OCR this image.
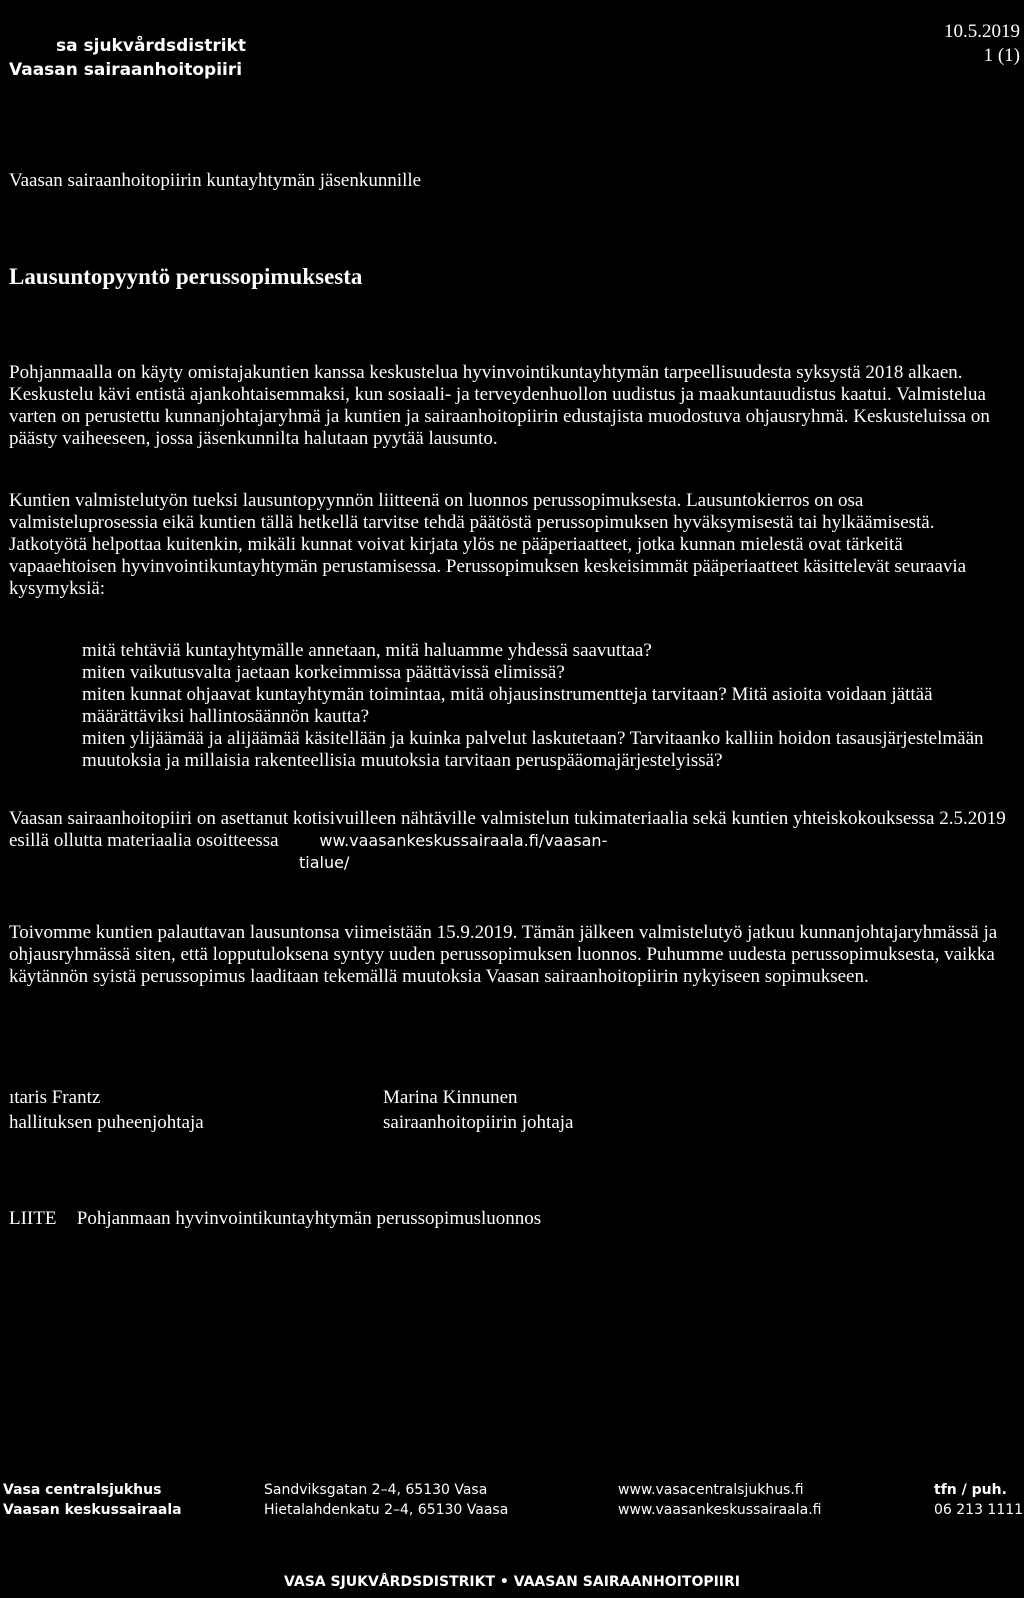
sa sjukvårdsdistrikt
Vaasan sairaanhoitopiiri
10.5.2019
1 (1)
Vaasan sairaanhoitopiirin kuntayhtymän jäsenkunnille
Lausuntopyyntö perussopimuksesta

Pohjanmaalla on käyty omistajakuntien kanssa keskustelua hyvinvointikuntayhtymän tarpeellisuudesta syksystä 2018 alkaen. Keskustelu kävi entistä ajankohtaisemmaksi, kun sosiaali- ja terveydenhuollon uudistus ja maakuntauudistus kaatui. Valmistelua varten on perustettu kunnanjohtajaryhmä ja kuntien ja sairaanhoitopiirin edustajista muodostuva ohjausryhmä. Keskusteluissa on päästy vaiheeseen, jossa jäsenkunnilta halutaan pyytää lausunto.

Kuntien valmistelutyön tueksi lausuntopyynnön liitteenä on luonnos perussopimuksesta. Lausuntokierros on osa valmisteluprosessia eikä kuntien tällä hetkellä tarvitse tehdä päätöstä perussopimuksen hyväksymisestä tai hylkäämisestä. Jatkotyötä helpottaa kuitenkin, mikäli kunnat voivat kirjata ylös ne pääperiaatteet, jotka kunnan mielestä ovat tärkeitä vapaaehtoisen hyvinvointikuntayhtymän perustamisessa. Perussopimuksen keskeisimmät pääperiaatteet käsittelevät seuraavia kysymyksiä:

mitä tehtäviä kuntayhtymälle annetaan, mitä haluamme yhdessä saavuttaa?
miten vaikutusvalta jaetaan korkeimmissa päättävissä elimissä?
miten kunnat ohjaavat kuntayhtymän toimintaa, mitä ohjausinstrumentteja tarvitaan? Mitä asioita voidaan jättää määrättäviksi hallintosäännön kautta?
miten ylijäämää ja alijäämää käsitellään ja kuinka palvelut laskutetaan? Tarvitaanko kalliin hoidon tasausjärjestelmään muutoksia ja millaisia rakenteellisia muutoksia tarvitaan peruspääomajärjestelyissä?
Vaasan sairaanhoitopiiri on asettanut kotisivuilleen nähtäville valmistelun tukimateriaalia sekä kuntien yhteiskokouksessa 2.5.2019 esillä ollutta materiaalia osoitteessa	ww.vaasankeskussairaala.fi/vaasan-
tialue/

Toivomme kuntien palauttavan lausuntonsa viimeistään 15.9.2019. Tämän jälkeen valmistelutyö jatkuu kunnanjohtajaryhmässä ja ohjausryhmässä siten, että lopputuloksena syntyy uuden perussopimuksen luonnos. Puhumme uudesta perussopimuksesta, vaikka käytännön syistä perussopimus laaditaan tekemällä muutoksia Vaasan sairaanhoitopiirin nykyiseen sopimukseen.

ıtaris Frantz
hallituksen puheenjohtaja
Marina Kinnunen
sairaanhoitopiirin johtaja
LIITE Pohjanmaan hyvinvointikuntayhtymän perussopimusluonnos
Vasa centralsjukhus
Vaasan keskussairaala
Sandviksgatan 2–4, 65130 Vasa
Hietalahdenkatu 2–4, 65130 Vaasa
www.vasacentralsjukhus.fi
www.vaasankeskussairaala.fi
tfn / puh.
06 213 1111
VASA SJUKVÅRDSDISTRIKT • VAASAN SAIRAANHOITOPIIRI
